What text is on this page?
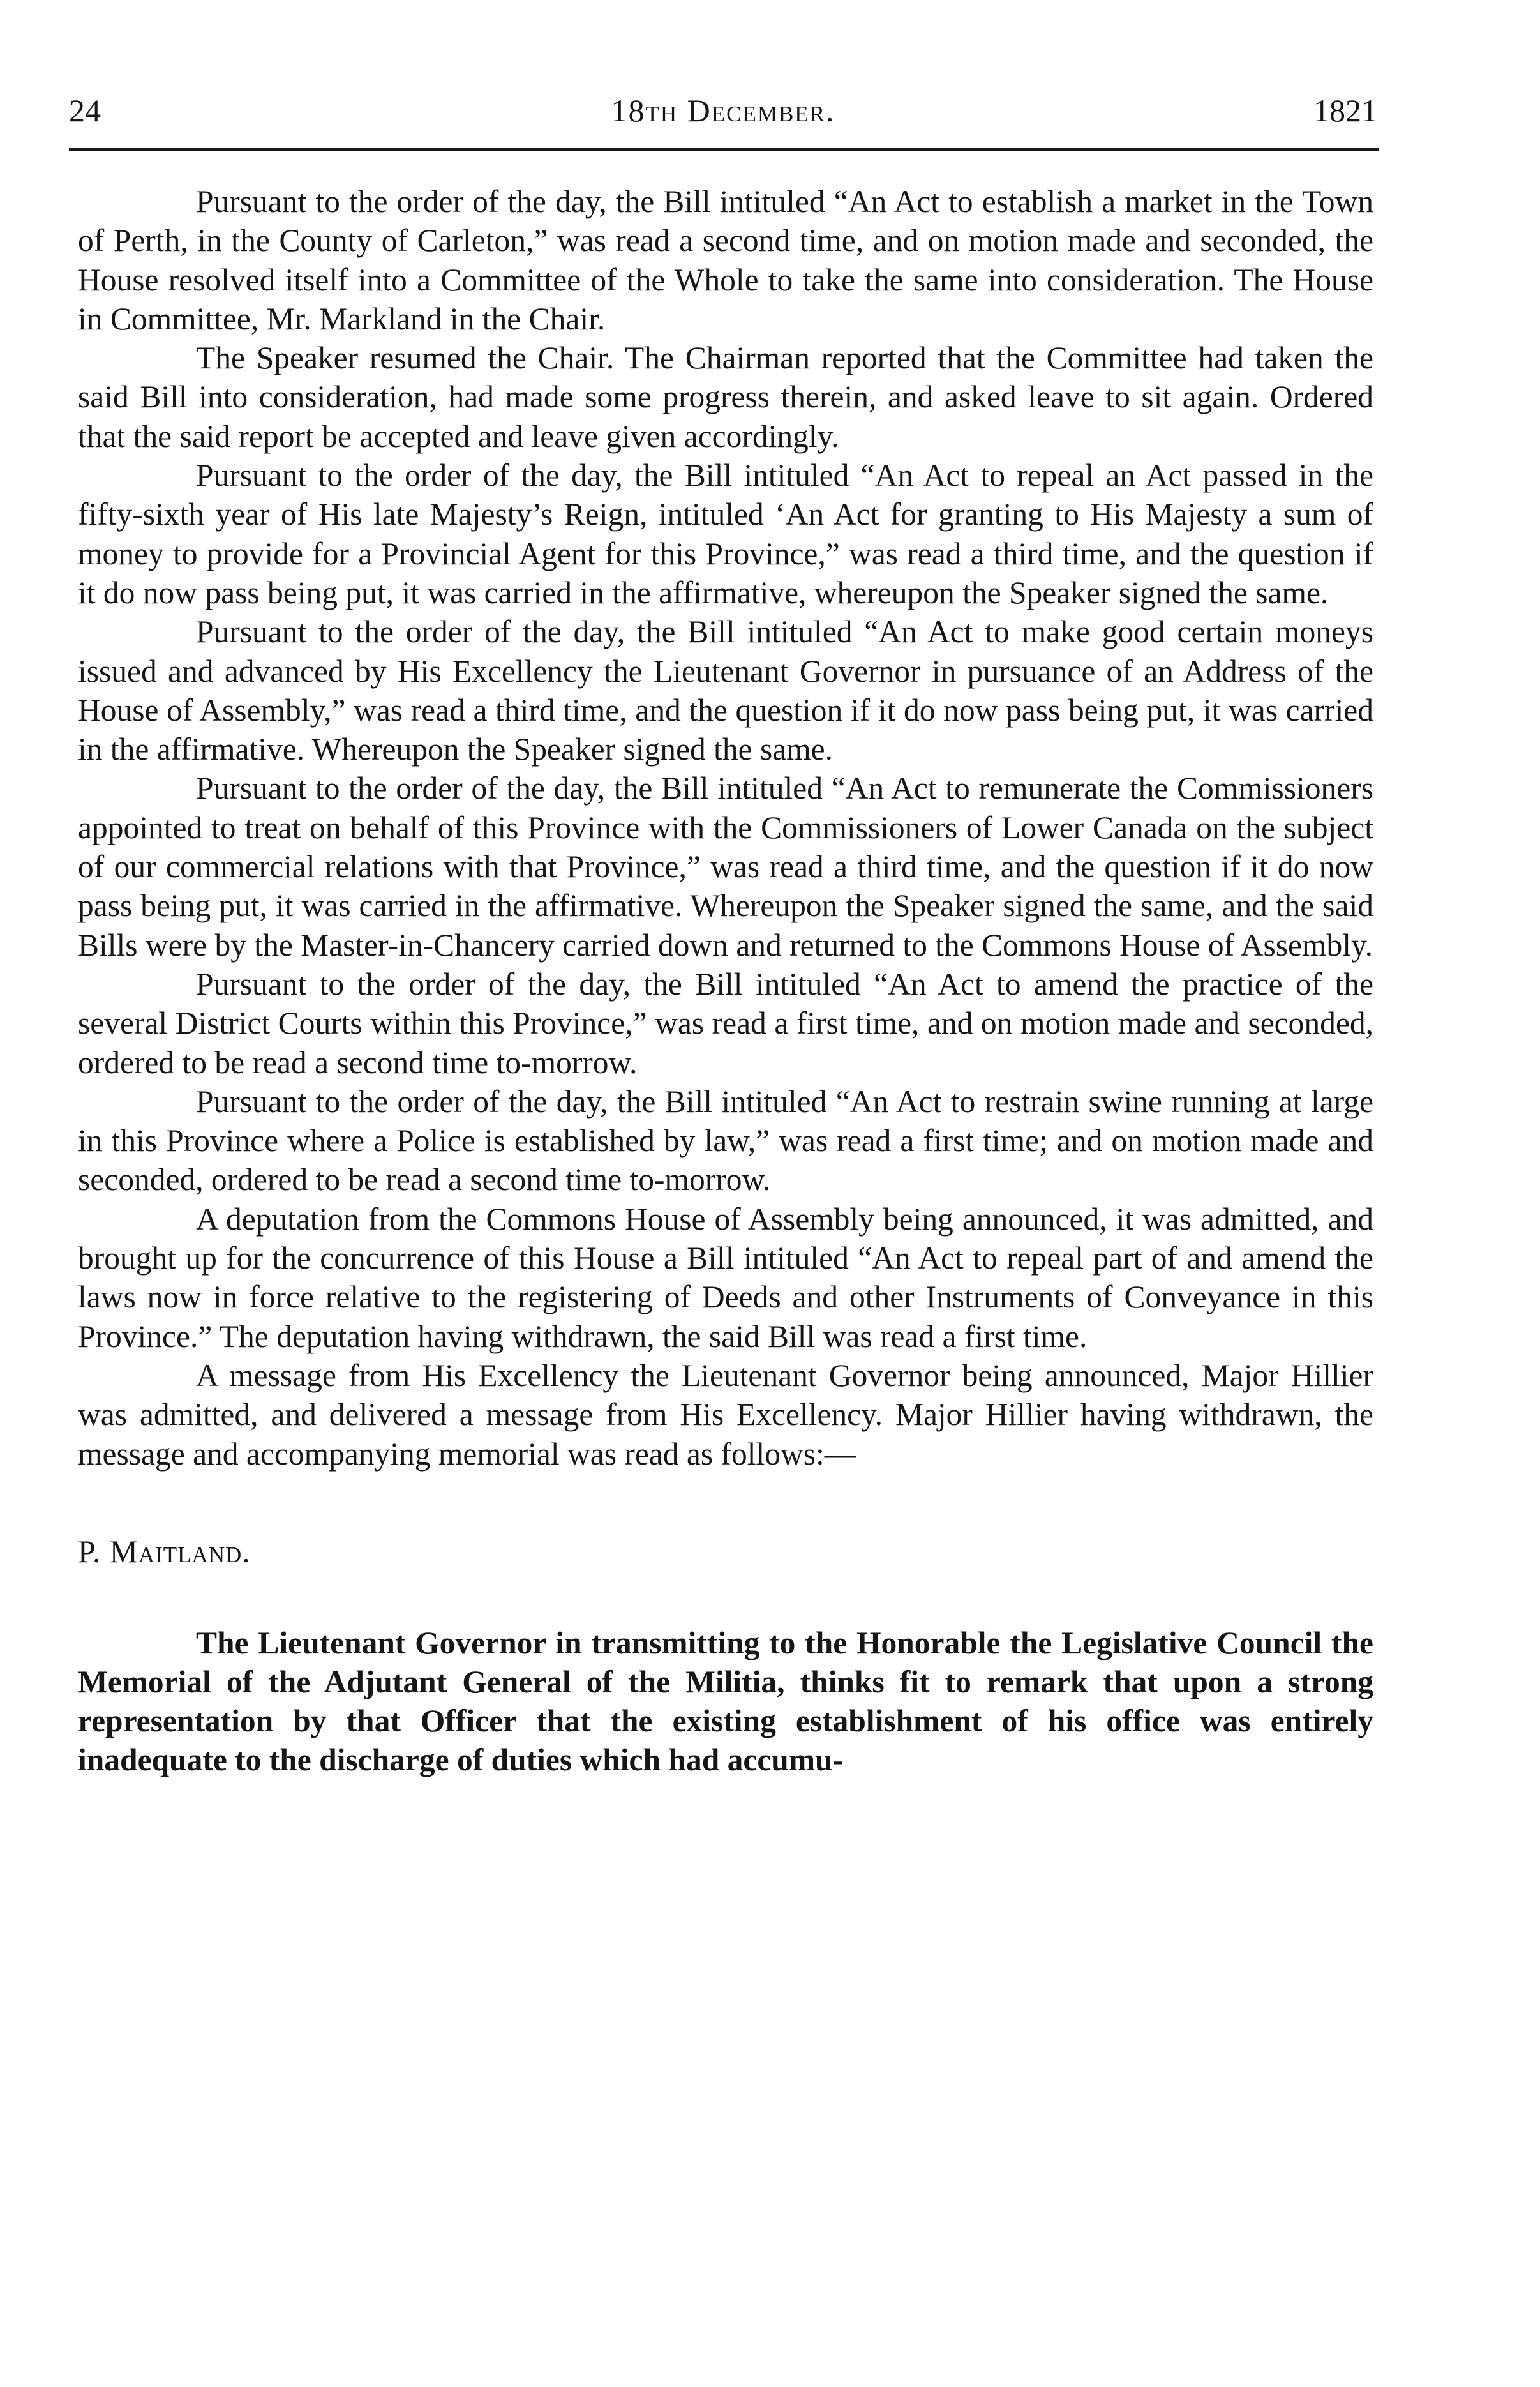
24	18th December.	1821

Pursuant to the order of the day, the Bill intituled “An Act to establish a market in the Town of Perth, in the County of Carleton,” was read a second time, and on motion made and seconded, the House resolved itself into a Committee of the Whole to take the same into consideration. The House in Committee, Mr. Markland in the Chair.

The Speaker resumed the Chair. The Chairman reported that the Committee had taken the said Bill into consideration, had made some progress therein, and asked leave to sit again. Ordered that the said report be accepted and leave given accordingly.

Pursuant to the order of the day, the Bill intituled “An Act to repeal an Act passed in the fifty-sixth year of His late Majesty’s Reign, intituled ‘An Act for granting to His Majesty a sum of money to provide for a Provincial Agent for this Province,” was read a third time, and the question if it do now pass being put, it was carried in the affirmative, whereupon the Speaker signed the same.

Pursuant to the order of the day, the Bill intituled “An Act to make good certain moneys issued and advanced by His Excellency the Lieutenant Governor in pursuance of an Address of the House of Assembly,” was read a third time, and the question if it do now pass being put, it was carried in the affirmative. Whereupon the Speaker signed the same.

Pursuant to the order of the day, the Bill intituled “An Act to remunerate the Commissioners appointed to treat on behalf of this Province with the Commissioners of Lower Canada on the subject of our commercial relations with that Province,” was read a third time, and the question if it do now pass being put, it was carried in the affirmative. Whereupon the Speaker signed the same, and the said Bills were by the Master-in-Chancery carried down and returned to the Commons House of Assembly.

Pursuant to the order of the day, the Bill intituled “An Act to amend the practice of the several District Courts within this Province,” was read a first time, and on motion made and seconded, ordered to be read a second time to-morrow.

Pursuant to the order of the day, the Bill intituled “An Act to restrain swine running at large in this Province where a Police is established by law,” was read a first time; and on motion made and seconded, ordered to be read a second time to-morrow.

A deputation from the Commons House of Assembly being announced, it was admitted, and brought up for the concurrence of this House a Bill intituled “An Act to repeal part of and amend the laws now in force relative to the registering of Deeds and other Instruments of Conveyance in this Province.” The deputation having withdrawn, the said Bill was read a first time.

A message from His Excellency the Lieutenant Governor being announced, Major Hillier was admitted, and delivered a message from His Excellency. Major Hillier having withdrawn, the message and accompanying memorial was read as follows:—

P. Maitland.

The Lieutenant Governor in transmitting to the Honorable the Legislative Council the Memorial of the Adjutant General of the Militia, thinks fit to remark that upon a strong representation by that Officer that the existing establishment of his office was entirely inadequate to the discharge of duties which had accumu-
